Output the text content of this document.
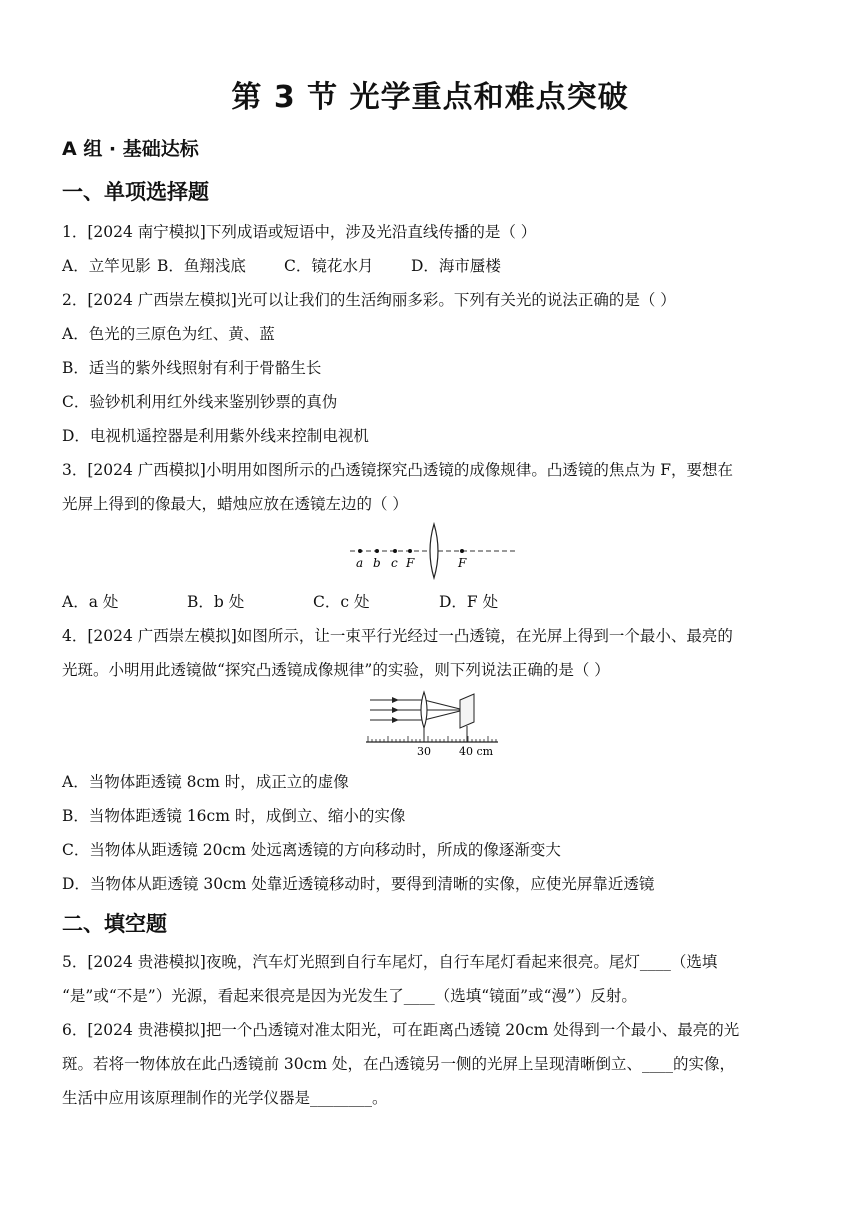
第 3 节 光学重点和难点突破
A 组 · 基础达标
一、单项选择题
1．[2024 南宁模拟]下列成语或短语中，涉及光沿直线传播的是（ ）
A．立竿见影 B．鱼翔浅底 C．镜花水月 D．海市蜃楼
2．[2024 广西崇左模拟]光可以让我们的生活绚丽多彩。下列有关光的说法正确的是（ ）
A．色光的三原色为红、黄、蓝
B．适当的紫外线照射有利于骨骼生长
C．验钞机利用红外线来鉴别钞票的真伪
D．电视机遥控器是利用紫外线来控制电视机
3．[2024 广西模拟]小明用如图所示的凸透镜探究凸透镜的成像规律。凸透镜的焦点为 F，要想在
光屏上得到的像最大，蜡烛应放在透镜左边的（ ）
a b c F	F
A．a 处	B．b 处	C．c 处	D．F 处
4．[2024 广西崇左模拟]如图所示，让一束平行光经过一凸透镜，在光屏上得到一个最小、最亮的
光斑。小明用此透镜做“探究凸透镜成像规律”的实验，则下列说法正确的是（ ）
30	40 cm
A．当物体距透镜 8cm 时，成正立的虚像
B．当物体距透镜 16cm 时，成倒立、缩小的实像
C．当物体从距透镜 20cm 处远离透镜的方向移动时，所成的像逐渐变大
D．当物体从距透镜 30cm 处靠近透镜移动时，要得到清晰的实像，应使光屏靠近透镜
二、填空题
5．[2024 贵港模拟]夜晚，汽车灯光照到自行车尾灯，自行车尾灯看起来很亮。尾灯____（选填
“是”或“不是”）光源，看起来很亮是因为光发生了____（选填“镜面”或“漫”）反射。
6．[2024 贵港模拟]把一个凸透镜对准太阳光，可在距离凸透镜 20cm 处得到一个最小、最亮的光
斑。若将一物体放在此凸透镜前 30cm 处，在凸透镜另一侧的光屏上呈现清晰倒立、____的实像，
生活中应用该原理制作的光学仪器是________。
